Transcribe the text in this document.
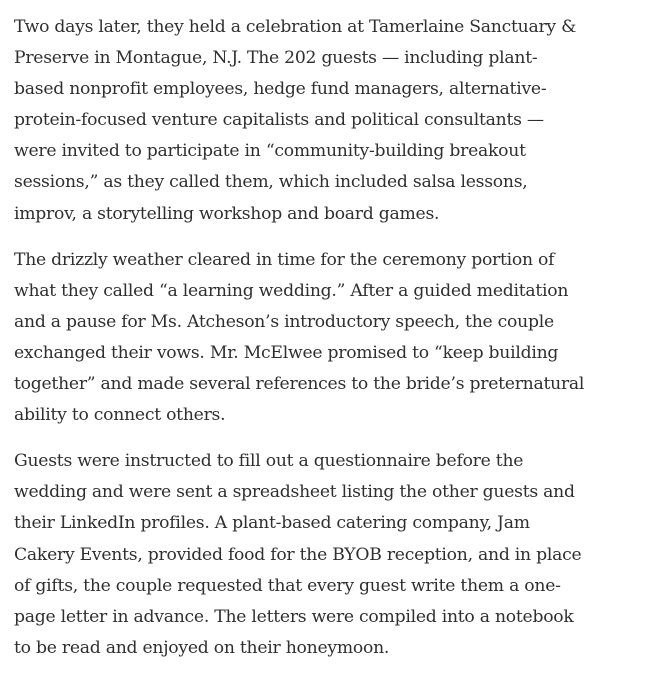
Two days later, they held a celebration at Tamerlaine Sanctuary &
Preserve in Montague, N.J. The 202 guests — including plant-
based nonprofit employees, hedge fund managers, alternative-
protein-focused venture capitalists and political consultants —
were invited to participate in “community-building breakout
sessions,” as they called them, which included salsa lessons,
improv, a storytelling workshop and board games.

The drizzly weather cleared in time for the ceremony portion of
what they called “a learning wedding.” After a guided meditation
and a pause for Ms. Atcheson’s introductory speech, the couple
exchanged their vows. Mr. McElwee promised to “keep building
together” and made several references to the bride’s preternatural
ability to connect others.

Guests were instructed to fill out a questionnaire before the
wedding and were sent a spreadsheet listing the other guests and
their LinkedIn profiles. A plant-based catering company, Jam
Cakery Events, provided food for the BYOB reception, and in place
of gifts, the couple requested that every guest write them a one-
page letter in advance. The letters were compiled into a notebook
to be read and enjoyed on their honeymoon.
